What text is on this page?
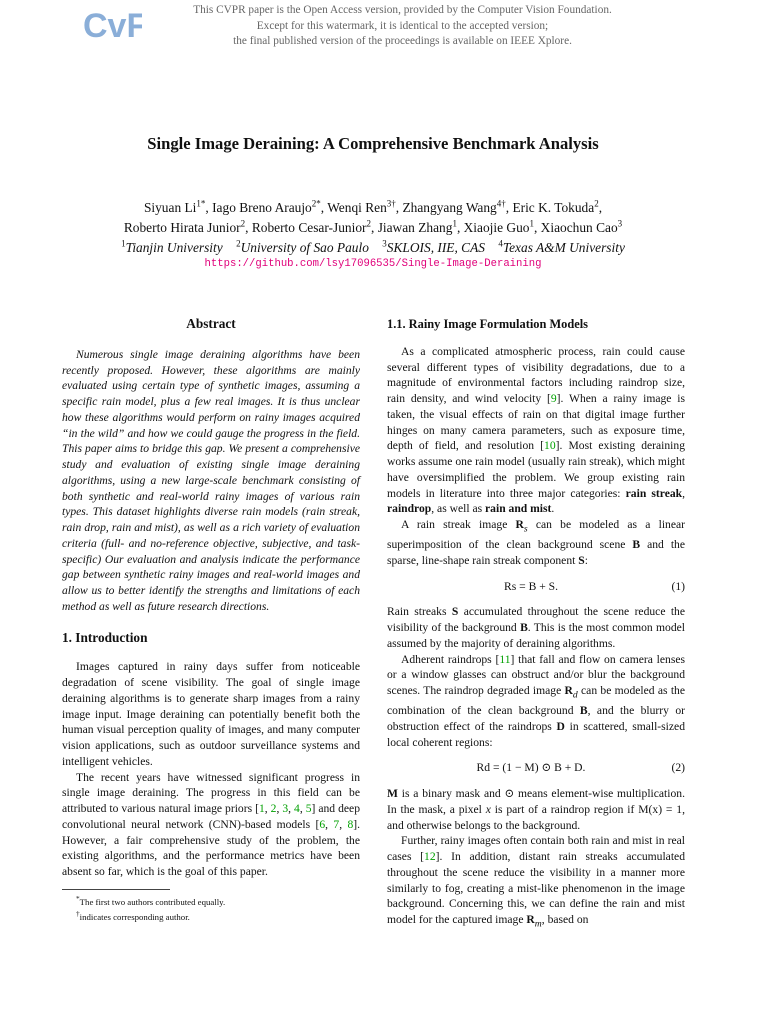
CvF	This CVPR paper is the Open Access version, provided by the Computer Vision Foundation.
Except for this watermark, it is identical to the accepted version;
the final published version of the proceedings is available on IEEE Xplore.
Single Image Deraining: A Comprehensive Benchmark Analysis
Siyuan $Li^{1*}$, Iago Breno Araujo$^{2*}$, Wenqi Ren$^{3\dagger}$, Zhangyang Wang$^{4\dagger}$, Eric K. Tokuda$^2$,
Roberto Hirata Junior$^2$, Roberto Cesar-Junior$^2$, Jiawan Zhang$^1$, Xiaojie Guo$^1$, Xiaochun Cao$^3$
$^1$Tianjin University $^2$University of Sao Paulo $^3$SKLOIS, IIE, CAS $^4$Texas A&M University
https://github.com/lsy17096535/Single-Image-Deraining
Abstract

Numerous single image deraining algorithms have been recently proposed. However, these algorithms are mainly evaluated using certain type of synthetic images, assuming a specific rain model, plus a few real images. It is thus unclear how these algorithms would perform on rainy images acquired “in the wild” and how we could gauge the progress in the field. This paper aims to bridge this gap. We present a comprehensive study and evaluation of existing single image deraining algorithms, using a new large-scale benchmark consisting of both synthetic and real-world rainy images of various rain types. This dataset highlights diverse rain models (rain streak, rain drop, rain and mist), as well as a rich variety of evaluation criteria (full- and no-reference objective, subjective, and task-specific) Our evaluation and analysis indicate the performance gap between synthetic rainy images and real-world images and allow us to better identify the strengths and limitations of each method as well as future research directions.

1. Introduction

Images captured in rainy days suffer from noticeable degradation of scene visibility. The goal of single image deraining algorithms is to generate sharp images from a rainy image input. Image deraining can potentially benefit both the human visual perception quality of images, and many computer vision applications, such as outdoor surveillance systems and intelligent vehicles.

The recent years have witnessed significant progress in single image deraining. The progress in this field can be attributed to various natural image priors [1, 2, 3, 4, 5] and deep convolutional neural network (CNN)-based models [6, 7, 8]. However, a fair comprehensive study of the problem, the existing algorithms, and the performance metrics have been absent so far, which is the goal of this paper.

*The first two authors contributed equally.
†indicates corresponding author.
1.1. Rainy Image Formulation Models

As a complicated atmospheric process, rain could cause several different types of visibility degradations, due to a magnitude of environmental factors including raindrop size, rain density, and wind velocity [9]. When a rainy image is taken, the visual effects of rain on that digital image further hinges on many camera parameters, such as exposure time, depth of field, and resolution [10]. Most existing deraining works assume one rain model (usually rain streak), which might have oversimplified the problem. We group existing rain models in literature into three major categories: rain streak, raindrop, as well as rain and mist.

A rain streak image $R_s$ can be modeled as a linear superimposition of the clean background scene B and the sparse, line-shape rain streak component S:

Rs = B + S.	(1)

Rain streaks S accumulated throughout the scene reduce the visibility of the background B. This is the most common model assumed by the majority of deraining algorithms.

Adherent raindrops [11] that fall and flow on camera lenses or a window glasses can obstruct and/or blur the background scenes. The raindrop degraded image $R_d$ can be modeled as the combination of the clean background B, and the blurry or obstruction effect of the raindrops D in scattered, small-sized local coherent regions:

Rd = (1 − M) ⊙ B + D.	(2)

M is a binary mask and ⊙ means element-wise multiplication. In the mask, a pixel x is part of a raindrop region if M(x) = 1, and otherwise belongs to the background.

Further, rainy images often contain both rain and mist in real cases [12]. In addition, distant rain streaks accumulated throughout the scene reduce the visibility in a manner more similarly to fog, creating a mist-like phenomenon in the image background. Concerning this, we can define the rain and mist model for the captured image $R_m$, based on
